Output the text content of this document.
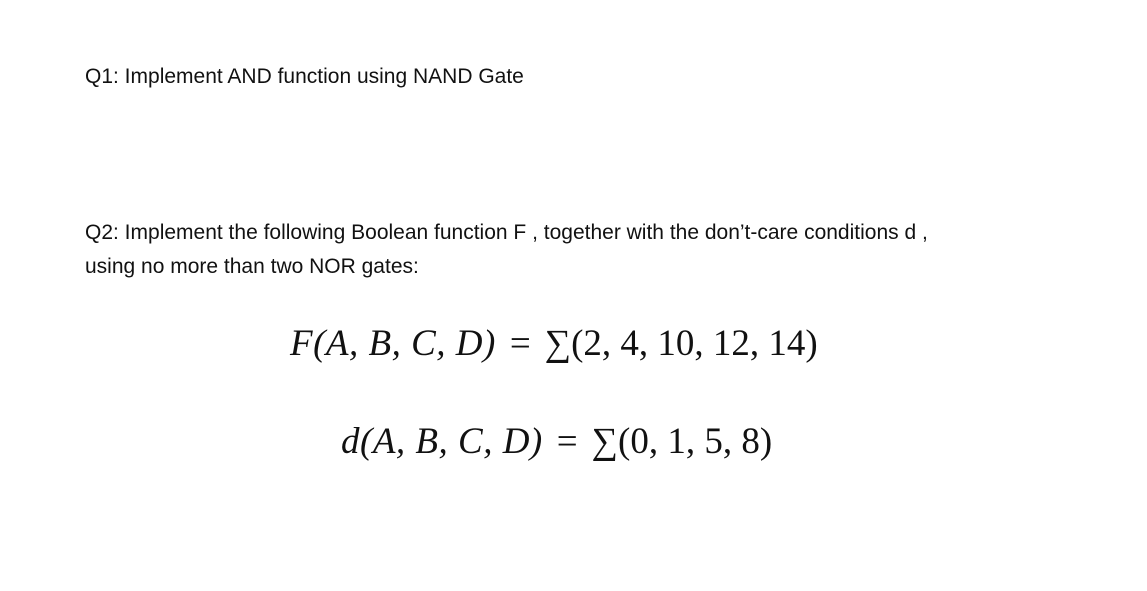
Q1: Implement AND function using NAND Gate
Q2: Implement the following Boolean function F , together with the don’t-care conditions d ,
using no more than two NOR gates:
F(A, B, C, D) = ∑(2, 4, 10, 12, 14)
d(A, B, C, D) = ∑(0, 1, 5, 8)
